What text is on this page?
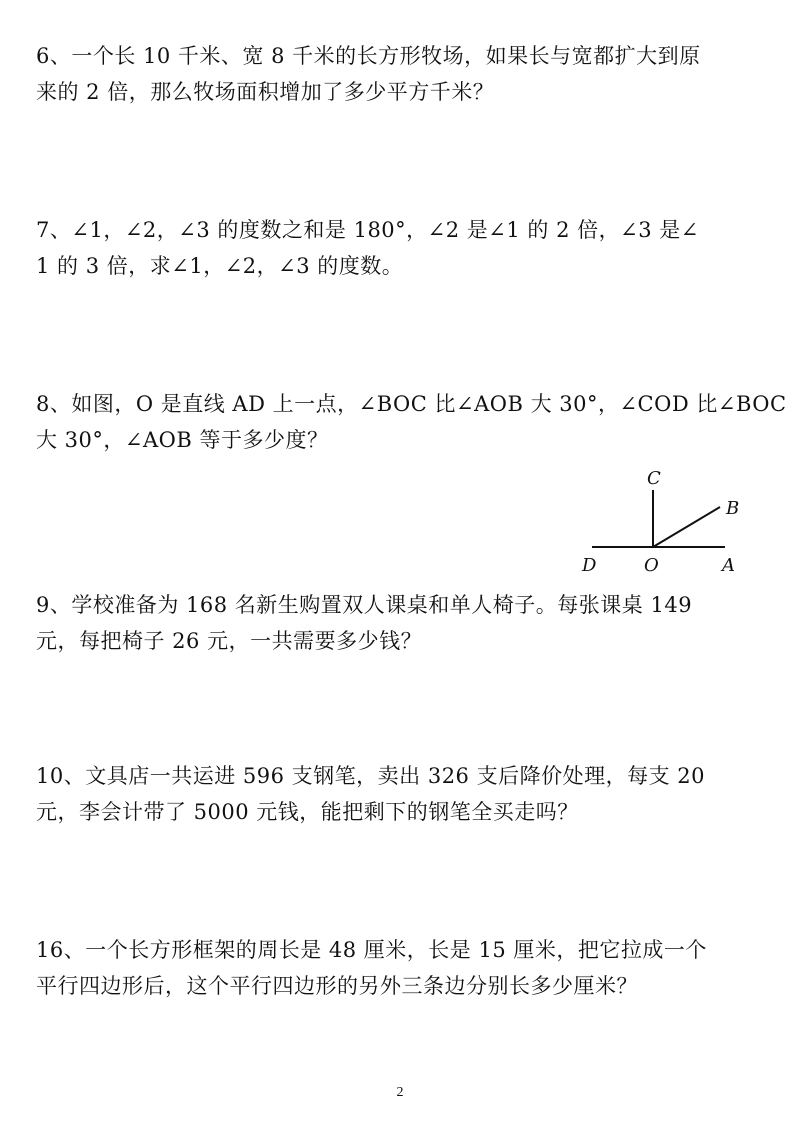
6、一个长 10 千米、宽 8 千米的长方形牧场，如果长与宽都扩大到原
来的 2 倍，那么牧场面积增加了多少平方千米？
7、∠1，∠2，∠3 的度数之和是 180°，∠2 是∠1 的 2 倍，∠3 是∠
1 的 3 倍，求∠1，∠2，∠3 的度数。
8、如图，O 是直线 AD 上一点，∠BOC 比∠AOB 大 30°，∠COD 比∠BOC
大 30°，∠AOB 等于多少度？
C
B
D	O	A
9、学校准备为 168 名新生购置双人课桌和单人椅子。每张课桌 149
元，每把椅子 26 元，一共需要多少钱？
10、文具店一共运进 596 支钢笔，卖出 326 支后降价处理，每支 20
元，李会计带了 5000 元钱，能把剩下的钢笔全买走吗？
16、一个长方形框架的周长是 48 厘米，长是 15 厘米，把它拉成一个
平行四边形后，这个平行四边形的另外三条边分别长多少厘米？
2
